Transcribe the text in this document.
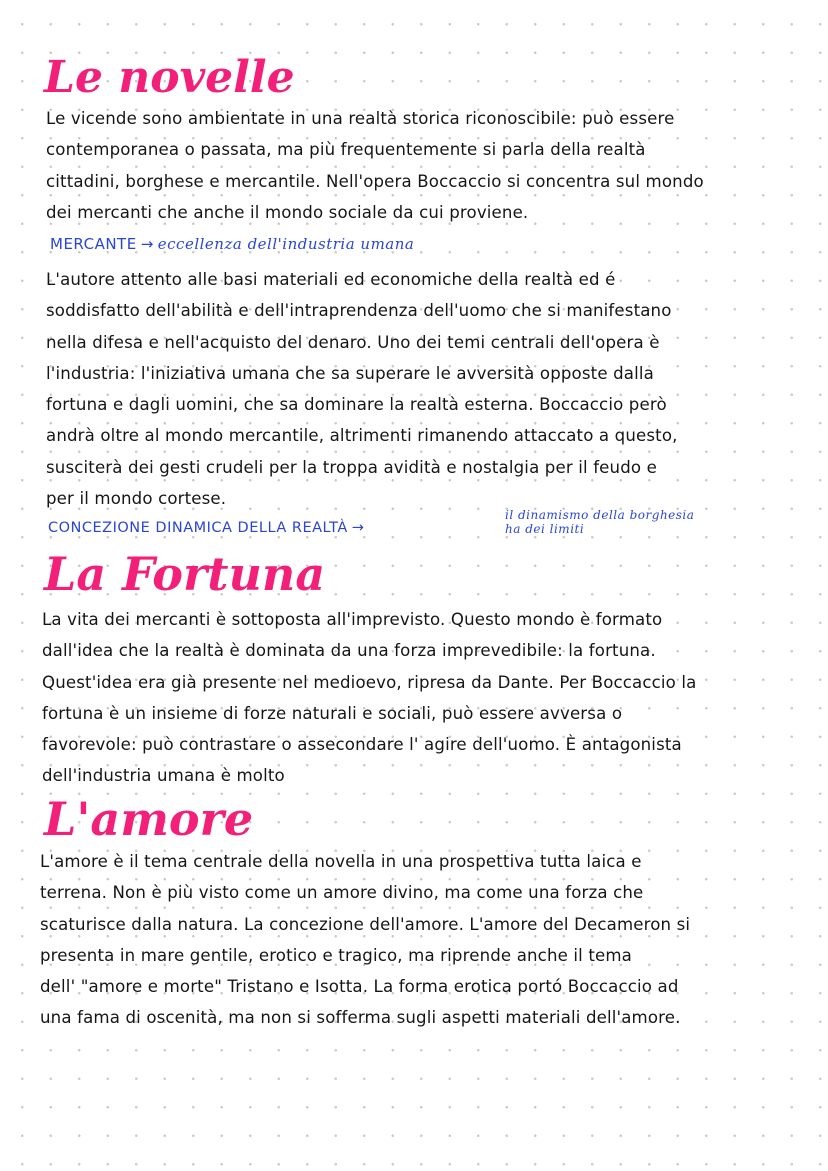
Le novelle
Le vicende sono ambientate in una realtà storica riconoscibile: può essere
contemporanea o passata, ma più frequentemente si parla della realtà
cittadini, borghese e mercantile. Nell'opera Boccaccio si concentra sul mondo
dei mercanti che anche il mondo sociale da cui proviene.
MERCANTE → eccellenza dell'industria umana
L'autore attento alle basi materiali ed economiche della realtà ed é
soddisfatto dell'abilità e dell'intraprendenza dell'uomo che si manifestano
nella difesa e nell'acquisto del denaro. Uno dei temi centrali dell'opera è
l'industria: l'iniziativa umana che sa superare le avversità opposte dalla
fortuna e dagli uomini, che sa dominare la realtà esterna. Boccaccio però
andrà oltre al mondo mercantile, altrimenti rimanendo attaccato a questo,
susciterà dei gesti crudeli per la troppa avidità e nostalgia per il feudo e
per il mondo cortese.
CONCEZIONE DINAMICA DELLA REALTÀ →
il dinamismo della borghesia
ha dei limiti
La Fortuna
La vita dei mercanti è sottoposta all'imprevisto. Questo mondo è formato
dall'idea che la realtà è dominata da una forza imprevedibile: la fortuna.
Quest'idea era già presente nel medioevo, ripresa da Dante. Per Boccaccio la
fortuna è un insieme di forze naturali e sociali, può essere avversa o
favorevole: può contrastare o assecondare l' agire dell'uomo. È antagonista
dell'industria umana è molto
L'amore
L'amore è il tema centrale della novella in una prospettiva tutta laica e
terrena. Non è più visto come un amore divino, ma come una forza che
scaturisce dalla natura. La concezione dell'amore. L'amore del Decameron si
presenta in mare gentile, erotico e tragico, ma riprende anche il tema
dell' "amore e morte" Tristano e Isotta. La forma erotica portó Boccaccio ad
una fama di oscenità, ma non si sofferma sugli aspetti materiali dell'amore.
